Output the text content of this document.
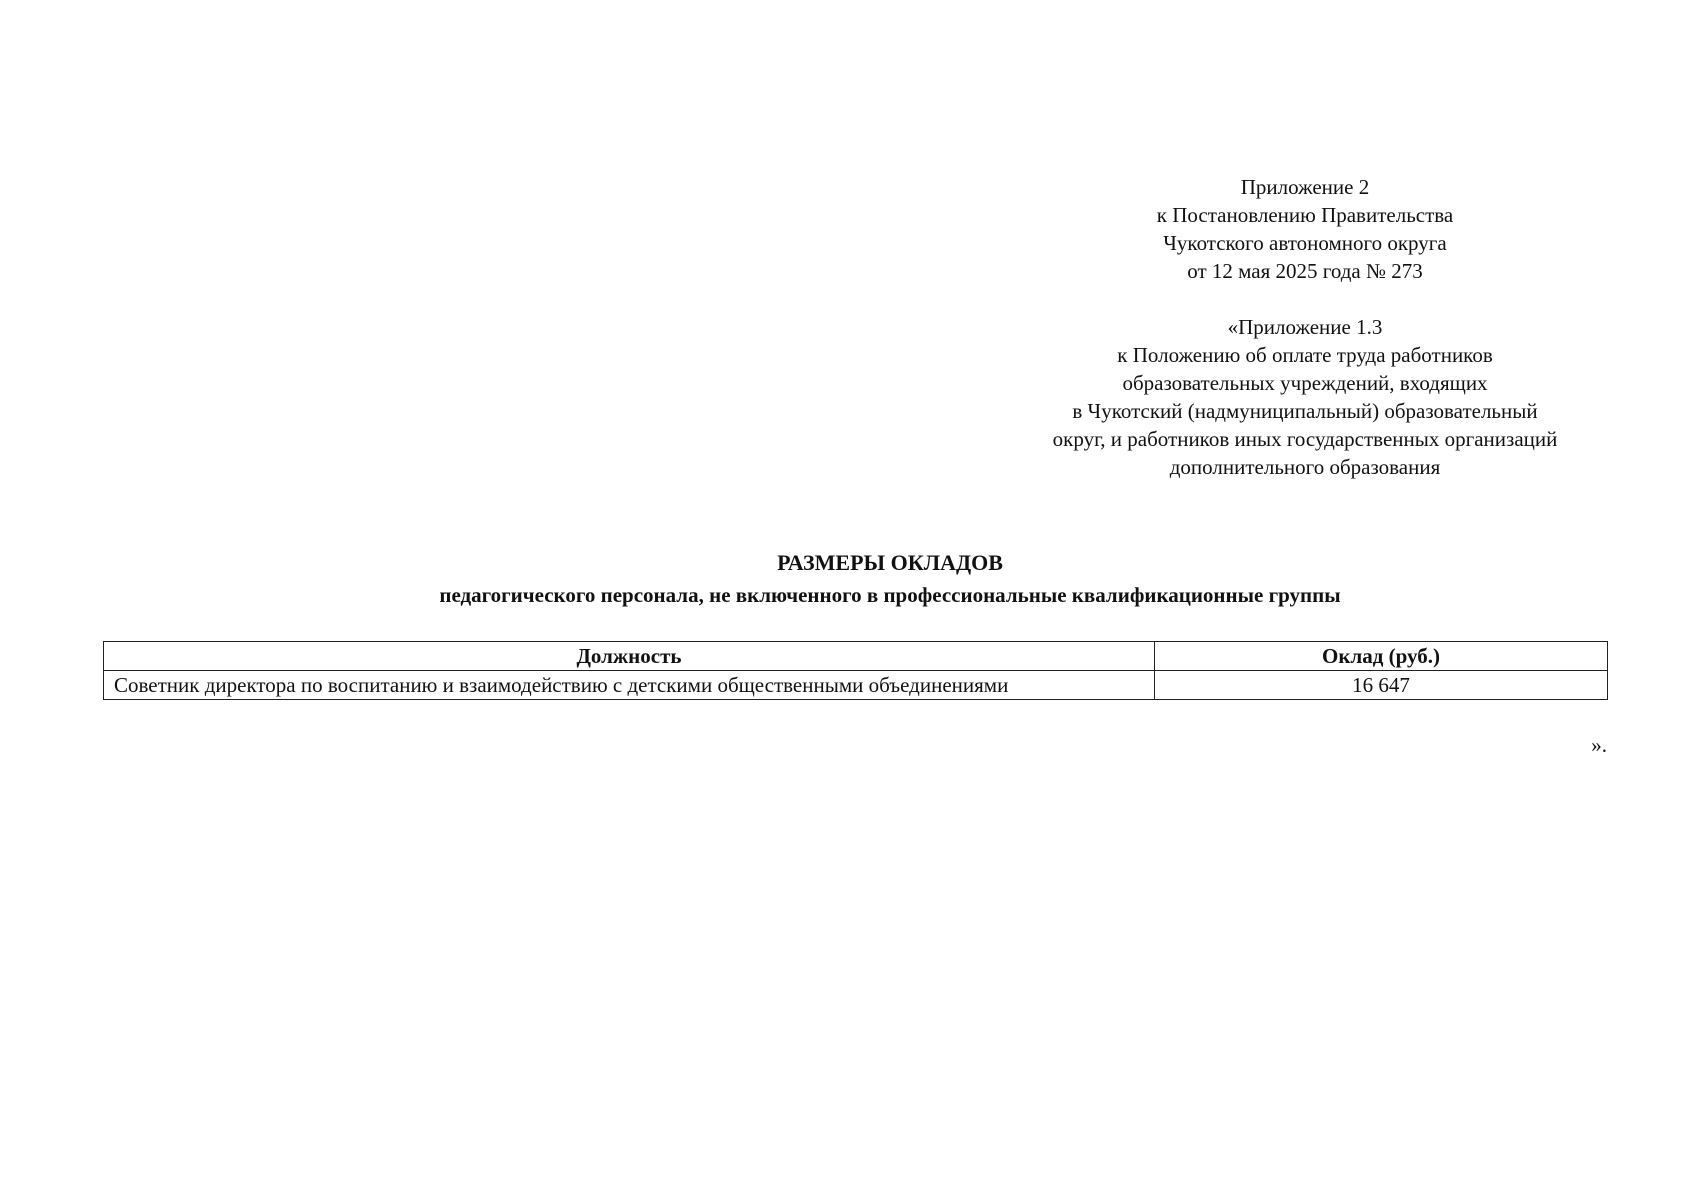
Приложение 2
к Постановлению Правительства
Чукотского автономного округа
от 12 мая 2025 года № 273
«Приложение 1.3
к Положению об оплате труда работников
образовательных учреждений, входящих
в Чукотский (надмуниципальный) образовательный
округ, и работников иных государственных организаций
дополнительного образования
РАЗМЕРЫ ОКЛАДОВ
педагогического персонала, не включенного в профессиональные квалификационные группы
Должность	Оклад (руб.)
Советник директора по воспитанию и взаимодействию с детскими общественными объединениями	16 647
».
